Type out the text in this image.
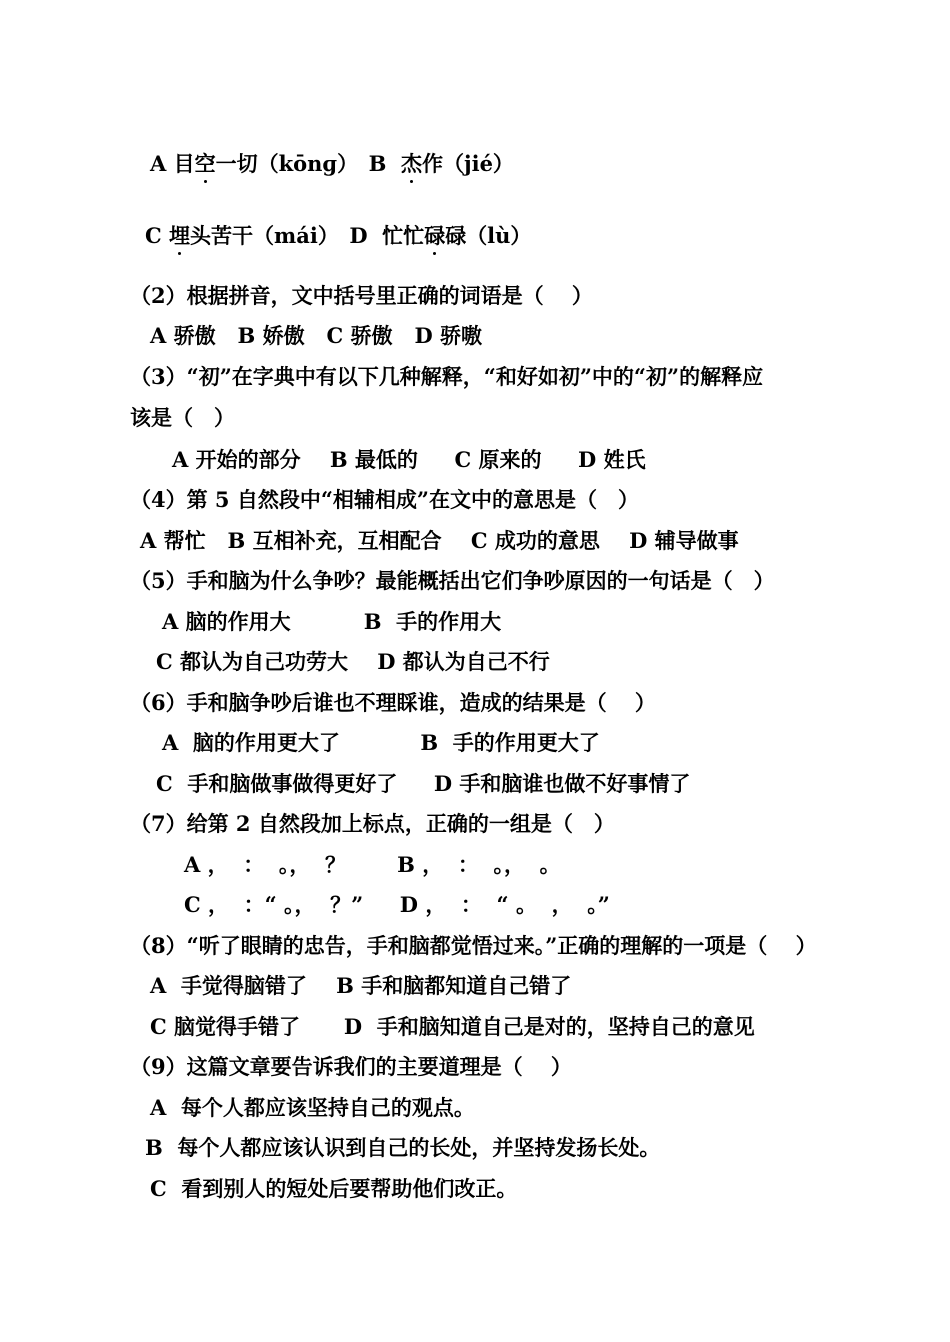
A 目空一切（kōnɡ）　B  杰作（jié）
C 埋头苦干（mái）　D  忙忙碌碌（lù）
（2）根据拼音，文中括号里正确的词语是（　 ）
A 骄傲   B 娇傲   C 骄傲   D 骄嗷
（3）“初”在字典中有以下几种解释，“和好如初”中的“初”的解释应
该是（　）
A 开始的部分    B 最低的     C 原来的     D 姓氏
（4）第 5 自然段中“相辅相成”在文中的意思是（　）
A 帮忙   B 互相补充，互相配合    C 成功的意思    D 辅导做事
（5）手和脑为什么争吵？最能概括出它们争吵原因的一句话是（　）
A 脑的作用大          B  手的作用大
C 都认为自己功劳大    D 都认为自己不行
（6）手和脑争吵后谁也不理睬谁，造成的结果是（　 ）
A  脑的作用更大了           B  手的作用更大了
C  手和脑做事做得更好了     D 手和脑谁也做不好事情了
（7）给第 2 自然段加上标点，正确的一组是（　）
A ，  ：  。，  ？       B ，  ：  。，  。
C ，  ：“ 。，  ？”     D ，  ：  “ 。  ，  。”
（8）“听了眼睛的忠告，手和脑都觉悟过来。”正确的理解的一项是（　 ）
A  手觉得脑错了    B 手和脑都知道自己错了
C 脑觉得手错了      D  手和脑知道自己是对的，坚持自己的意见
（9）这篇文章要告诉我们的主要道理是（　 ）
A  每个人都应该坚持自己的观点。
B  每个人都应该认识到自己的长处，并坚持发扬长处。
C  看到别人的短处后要帮助他们改正。
